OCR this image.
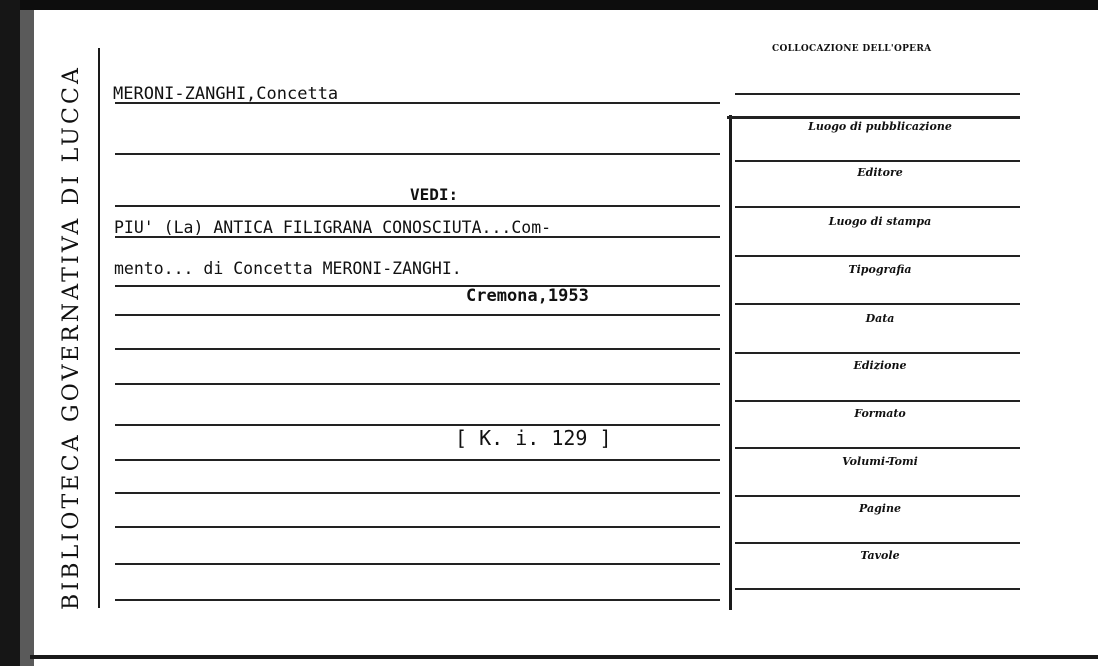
BIBLIOTECA GOVERNATIVA DI LUCCA
COLLOCAZIONE DELL'OPERA
MERONI-ZANGHI,Concetta
VEDI:
PIU' (La) ANTICA FILIGRANA CONOSCIUTA...Com-
mento... di Concetta MERONI-ZANGHI.
Cremona,1953
[ K. i. 129 ]
Luogo di pubblicazione
Editore
Luogo di stampa
Tipografia
Data
Edizione
Formato
Volumi-Tomi
Pagine
Tavole
